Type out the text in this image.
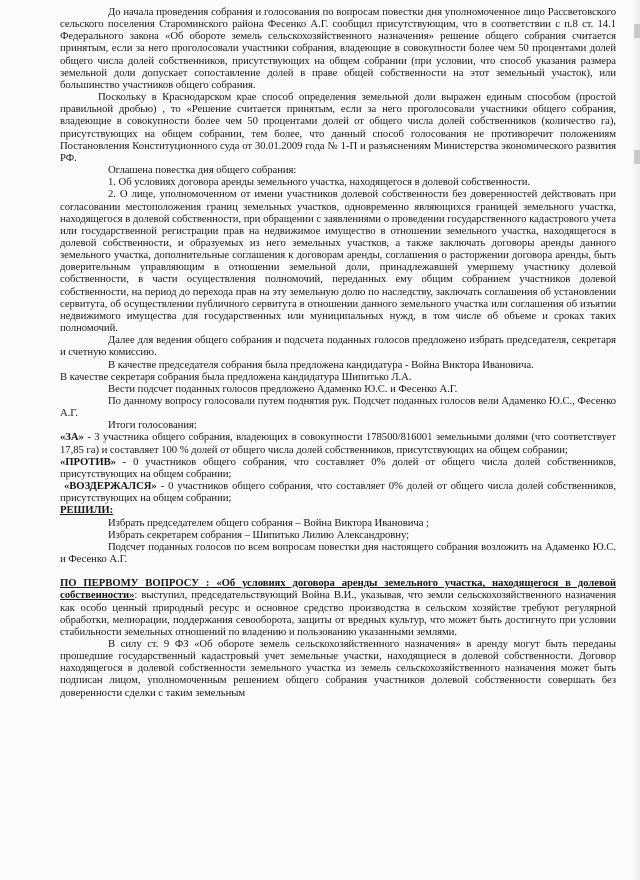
До начала проведения собрания и голосования по вопросам повестки дня уполномоченное лицо Рассветовского сельского поселения Староминского района Фесенко А.Г. сообщил присутствующим, что в соответствии с п.8 ст. 14.1 Федерального закона «Об обороте земель сельскохозяйственного назначения» решение общего собрания считается принятым, если за него проголосовали участники собрания, владеющие в совокупности более чем 50 процентами долей общего числа долей собственников, присутствующих на общем собрании (при условии, что способ указания размера земельной доли допускает сопоставление долей в праве общей собственности на этот земельный участок), или большинство участников общего собрания.

Поскольку в Краснодарском крае способ определения земельной доли выражен единым способом (простой правильной дробью) , то «Решение считается принятым, если за него проголосовали участники общего собрания, владеющие в совокупности более чем 50 процентами долей от общего числа долей собственников (количество га), присутствующих на общем собрании, тем более, что данный способ голосования не противоречит положениям Постановления Конституционного суда от 30.01.2009 года № 1-П и разъяснениям Министерства экономического развития РФ.

Оглашена повестка дня общего собрания:

1. Об условиях договора аренды земельного участка, находящегося в долевой собственности.

2. О лице, уполномоченном от имени участников долевой собственности без доверенностей действовать при согласовании местоположения границ земельных участков, одновременно являющихся границей земельного участка, находящегося в долевой собственности, при обращении с заявлениями о проведении государственного кадастрового учета или государственной регистрации прав на недвижимое имущество в отношении земельного участка, находящегося в долевой собственности, и образуемых из него земельных участков, а также заключать договоры аренды данного земельного участка, дополнительные соглашения к договорам аренды, соглашения о расторжении договора аренды, быть доверительным управляющим в отношении земельной доли, принадлежавшей умершему участнику долевой собственности, в части осуществления полномочий, переданных ему общим собранием участников долевой собственности, на период до перехода прав на эту земельную долю по наследству, заключать соглашения об установлении сервитута, об осуществлении публичного сервитута в отношении данного земельного участка или соглашения об изъятии недвижимого имущества для государственных или муниципальных нужд, в том числе об объеме и сроках таких полномочий.

Далее для ведения общего собрания и подсчета поданных голосов предложено избрать председателя, секретаря и счетную комиссию.

В качестве председателя собрания была предложена кандидатура - Война Виктора Ивановича.

В качестве секретаря собрания была предложена кандидатура Шипитько Л.А.

Вести подсчет поданных голосов предложено Адаменко Ю.С. и Фесенко А.Г.

По данному вопросу голосовали путем поднятия рук. Подсчет поданных голосов вели Адаменко Ю.С., Фесенко А.Г.

Итоги голосования:

«ЗА» - 3 участника общего собрания, владеющих в совокупности 178500/816001 земельными долями (что соответствует 17,85 га) и составляет 100 % долей от общего числа долей собственников, присутствующих на общем собрании;

«ПРОТИВ» - 0 участников общего собрания, что составляет 0% долей от общего числа долей собственников, присутствующих на общем собрании;

«ВОЗДЕРЖАЛСЯ» - 0 участников общего собрания, что составляет 0% долей от общего числа долей собственников, присутствующих на общем собрании;

РЕШИЛИ:

Избрать председателем общего собрания – Война Виктора Ивановича ;

Избрать секретарем собрания – Шипитько Лилию Александровну;

Подсчет поданных голосов по всем вопросам повестки дня настоящего собрания возложить на Адаменко Ю.С. и Фесенко А.Г.

ПО ПЕРВОМУ ВОПРОСУ : «Об условиях договора аренды земельного участка, находящегося в долевой собственности»: выступил, председательствующий Война В.И., указывая, что земли сельскохозяйственного назначения как особо ценный природный ресурс и основное средство производства в сельском хозяйстве требуют регулярной обработки, мелиорации, поддержания севооборота, защиты от вредных культур, что может быть достигнуто при условии стабильности земельных отношений по владению и пользованию указанными землями.

В силу ст. 9 ФЗ «Об обороте земель сельскохозяйственного назначения» в аренду могут быть переданы прошедшие государственный кадастровый учет земельные участки, находящиеся в долевой собственности. Договор находящегося в долевой собственности земельного участка из земель сельскохозяйственного назначения может быть подписан лицом, уполномоченным решением общего собрания участников долевой собственности совершать без доверенности сделки с таким земельным
